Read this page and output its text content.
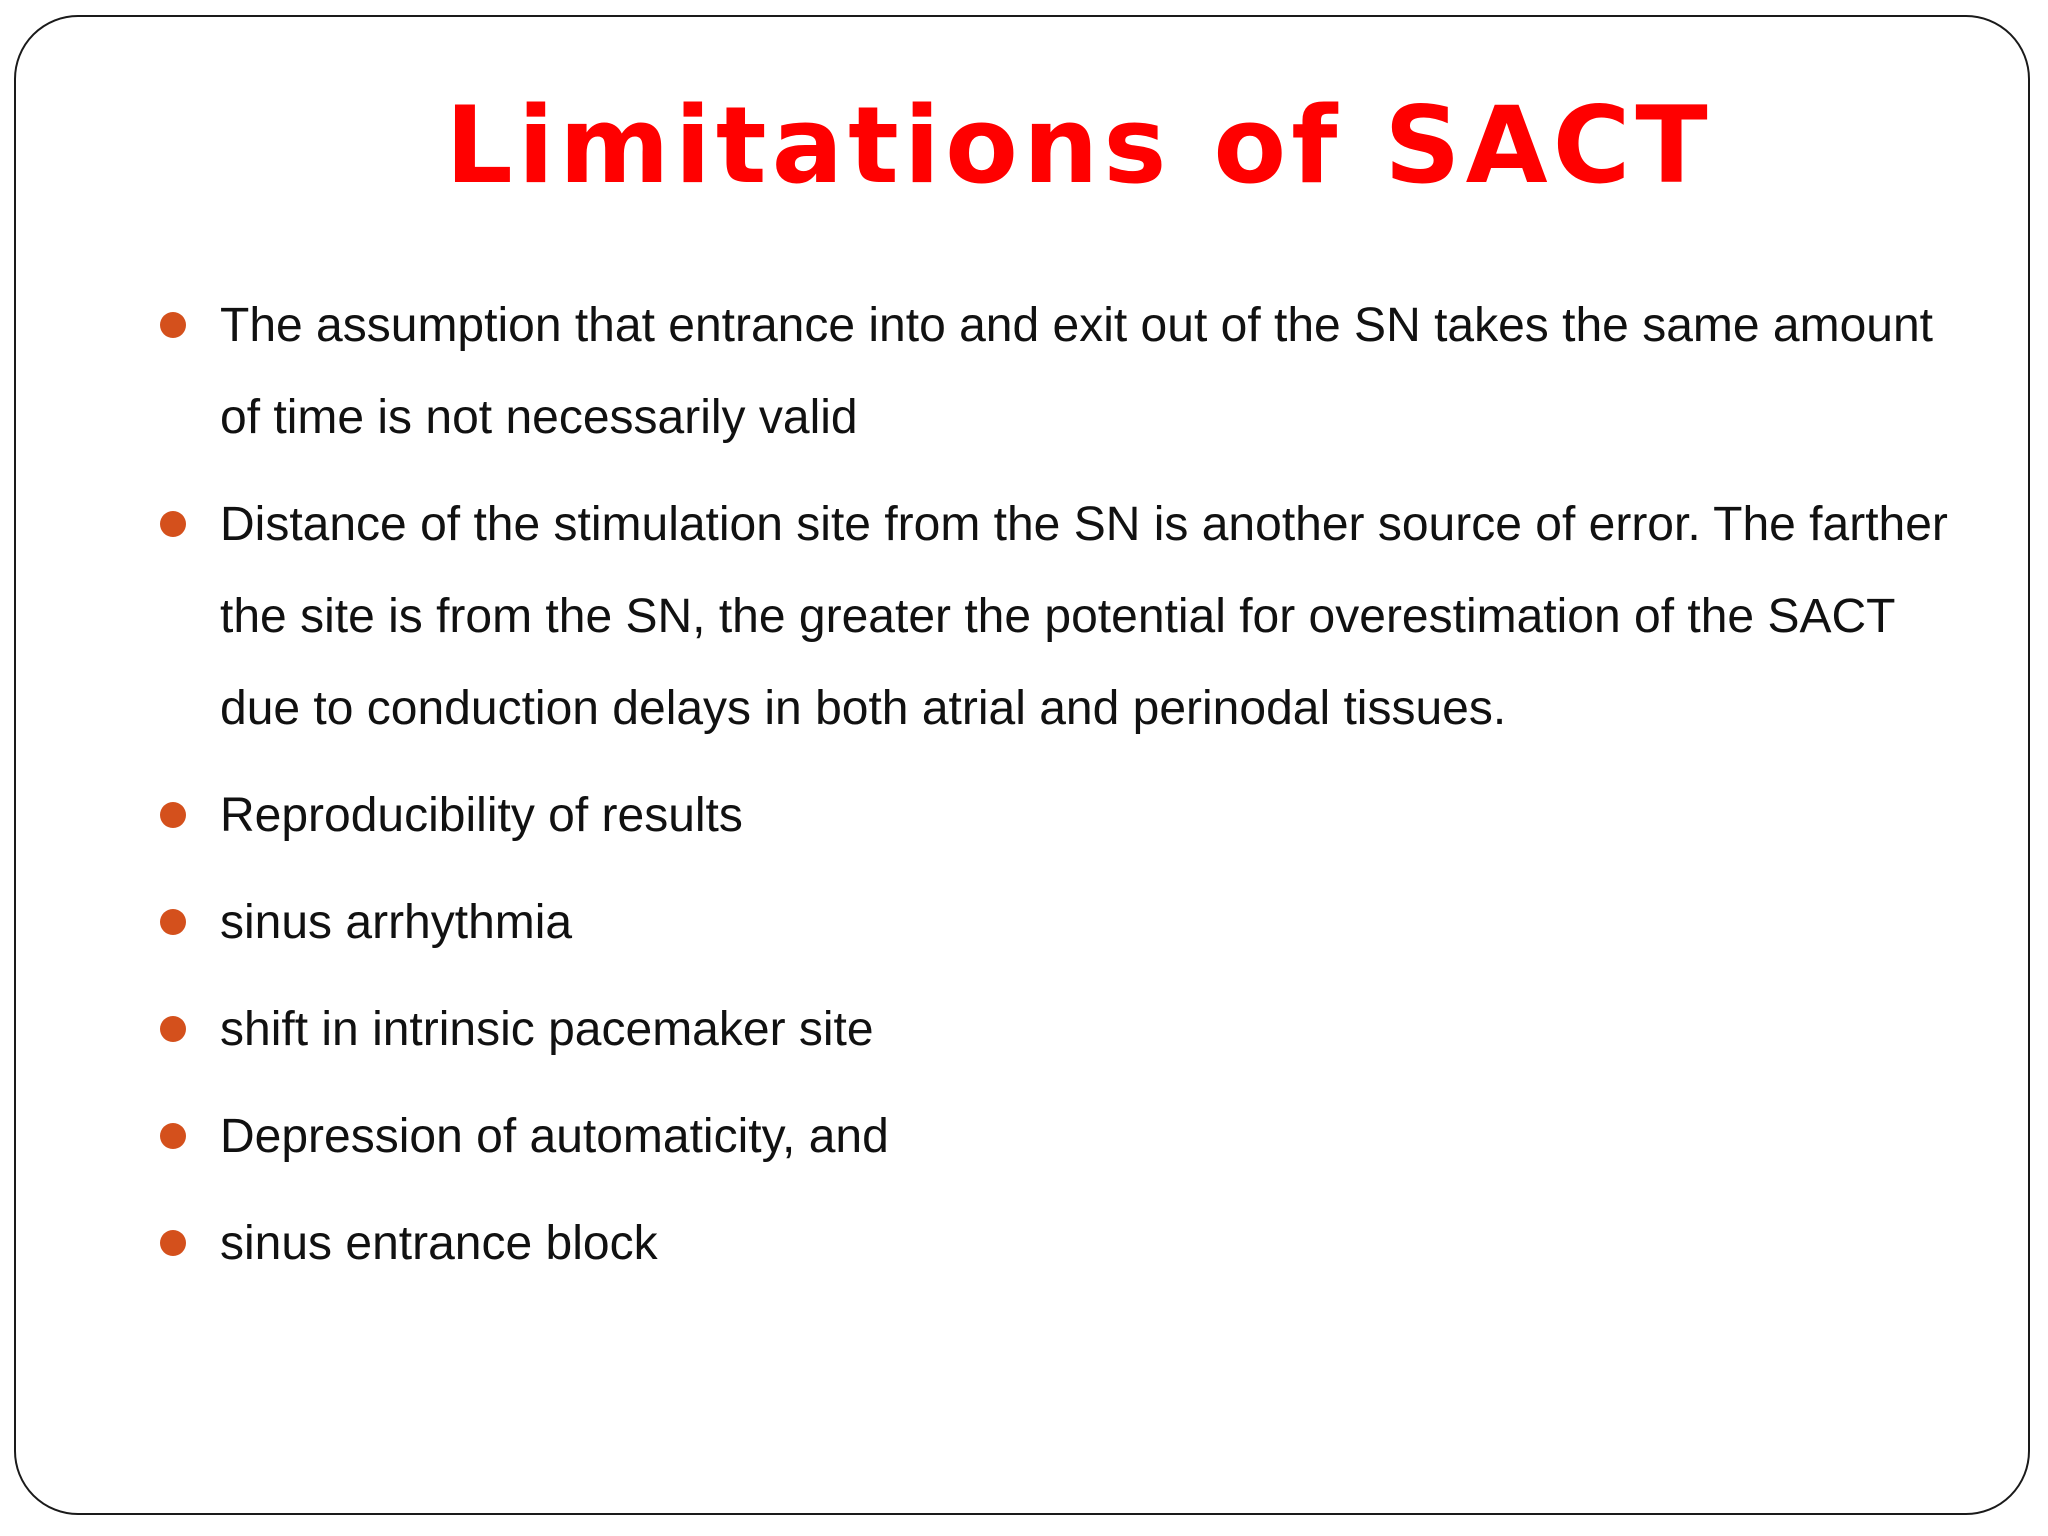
Limitations of SACT
The assumption that entrance into and exit out of the SN takes the same amount of time is not necessarily valid
Distance of the stimulation site from the SN is another source of error. The farther the site is from the SN, the greater the potential for overestimation of the SACT due to conduction delays in both atrial and perinodal tissues.
Reproducibility of results
sinus arrhythmia
shift in intrinsic pacemaker site
Depression of automaticity, and
sinus entrance block
